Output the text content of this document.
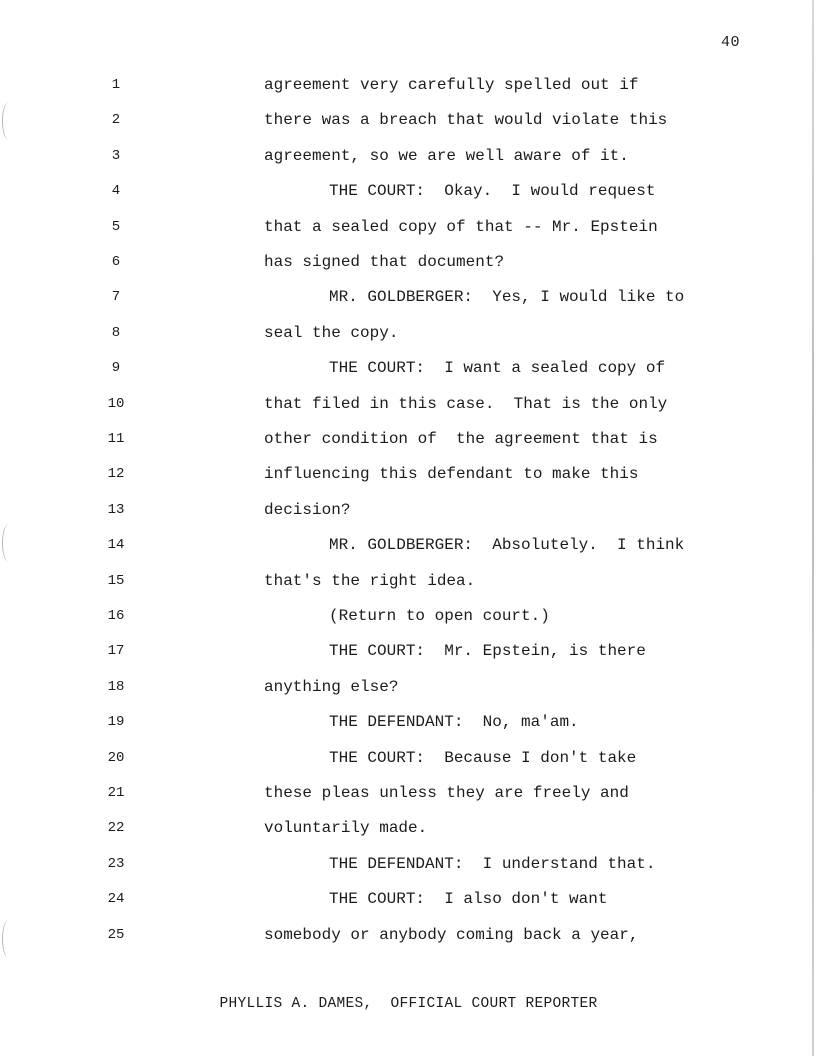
40
1	agreement very carefully spelled out if
2	there was a breach that would violate this
3	agreement, so we are well aware of it.
4	THE COURT:  Okay.  I would request
5	that a sealed copy of that -- Mr. Epstein
6	has signed that document?
7	MR. GOLDBERGER:  Yes, I would like to
8	seal the copy.
9	THE COURT:  I want a sealed copy of
10	that filed in this case.  That is the only
11	other condition of  the agreement that is
12	influencing this defendant to make this
13	decision?
14	MR. GOLDBERGER:  Absolutely.  I think
15	that's the right idea.
16	(Return to open court.)
17	THE COURT:  Mr. Epstein, is there
18	anything else?
19	THE DEFENDANT:  No, ma'am.
20	THE COURT:  Because I don't take
21	these pleas unless they are freely and
22	voluntarily made.
23	THE DEFENDANT:  I understand that.
24	THE COURT:  I also don't want
25	somebody or anybody coming back a year,
PHYLLIS A. DAMES,  OFFICIAL COURT REPORTER
